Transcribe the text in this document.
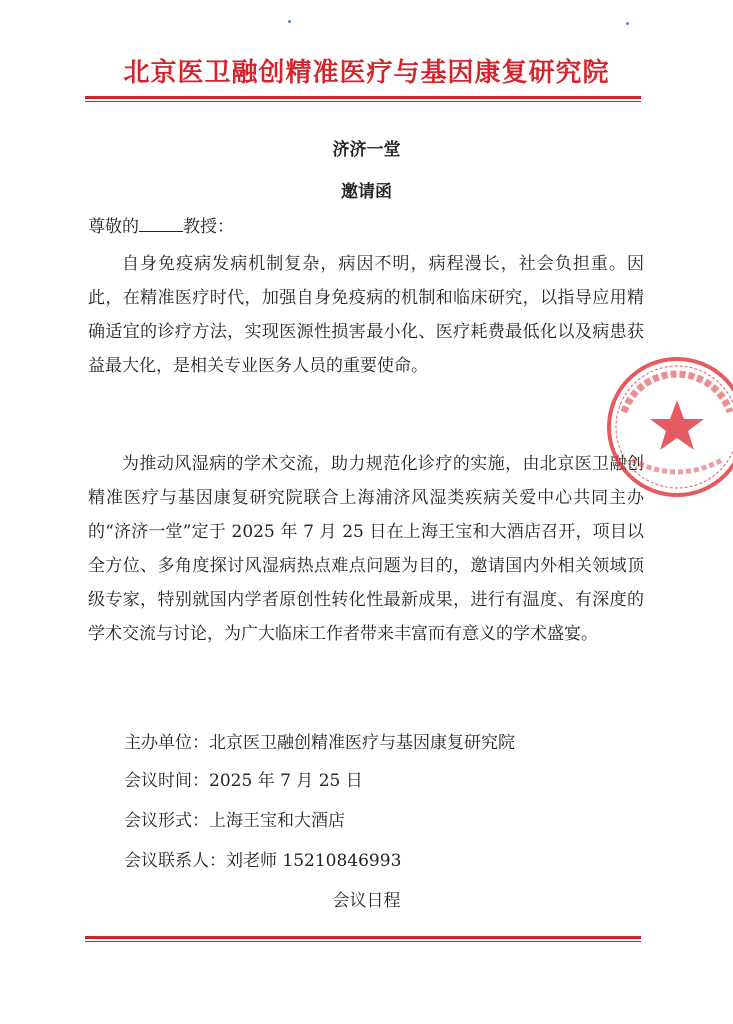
北京医卫融创精准医疗与基因康复研究院
济济一堂
邀请函
尊敬的	教授：

自身免疫病发病机制复杂，病因不明，病程漫长，社会负担重。因此，在精准医疗时代，加强自身免疫病的机制和临床研究，以指导应用精确适宜的诊疗方法，实现医源性损害最小化、医疗耗费最低化以及病患获益最大化，是相关专业医务人员的重要使命。

为推动风湿病的学术交流，助力规范化诊疗的实施，由北京医卫融创精准医疗与基因康复研究院联合上海浦济风湿类疾病关爱中心共同主办的“济济一堂”定于 2025 年 7 月 25 日在上海王宝和大酒店召开，项目以全方位、多角度探讨风湿病热点难点问题为目的，邀请国内外相关领域顶级专家，特别就国内学者原创性转化性最新成果，进行有温度、有深度的学术交流与讨论，为广大临床工作者带来丰富而有意义的学术盛宴。

主办单位：北京医卫融创精准医疗与基因康复研究院
会议时间：2025 年 7 月 25 日
会议形式：上海王宝和大酒店
会议联系人：刘老师 15210846993
会议日程
